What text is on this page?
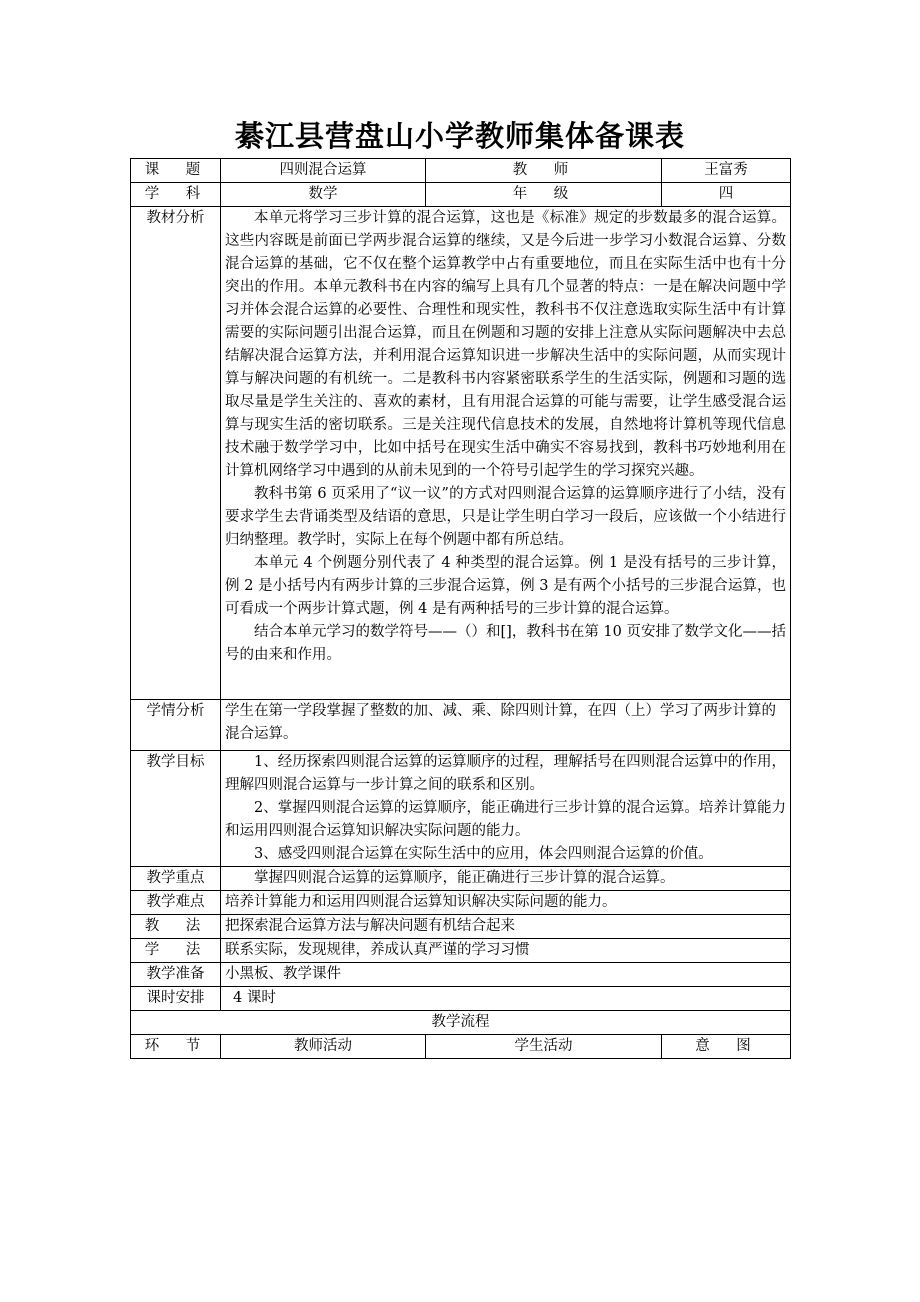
綦江县营盘山小学教师集体备课表
课　题	四则混合运算	教　师	王富秀
学　科	数学	年　级	四
教材分析	本单元将学习三步计算的混合运算，这也是《标准》规定的步数最多的混合运算。这些内容既是前面已学两步混合运算的继续，又是今后进一步学习小数混合运算、分数混合运算的基础，它不仅在整个运算教学中占有重要地位，而且在实际生活中也有十分突出的作用。本单元教科书在内容的编写上具有几个显著的特点：一是在解决问题中学习并体会混合运算的必要性、合理性和现实性，教科书不仅注意选取实际生活中有计算需要的实际问题引出混合运算，而且在例题和习题的安排上注意从实际问题解决中去总结解决混合运算方法，并利用混合运算知识进一步解决生活中的实际问题，从而实现计算与解决问题的有机统一。二是教科书内容紧密联系学生的生活实际，例题和习题的选取尽量是学生关注的、喜欢的素材，且有用混合运算的可能与需要，让学生感受混合运算与现实生活的密切联系。三是关注现代信息技术的发展，自然地将计算机等现代信息技术融于数学学习中，比如中括号在现实生活中确实不容易找到，教科书巧妙地利用在计算机网络学习中遇到的从前未见到的一个符号引起学生的学习探究兴趣。

教科书第 6 页采用了“议一议”的方式对四则混合运算的运算顺序进行了小结，没有要求学生去背诵类型及结语的意思，只是让学生明白学习一段后，应该做一个小结进行归纳整理。教学时，实际上在每个例题中都有所总结。

本单元 4 个例题分别代表了 4 种类型的混合运算。例 1 是没有括号的三步计算，例 2 是小括号内有两步计算的三步混合运算，例 3 是有两个小括号的三步混合运算，也可看成一个两步计算式题，例 4 是有两种括号的三步计算的混合运算。

结合本单元学习的数学符号——（）和[]，教科书在第 10 页安排了数学文化——括号的由来和作用。		

学情分析	学生在第一学段掌握了整数的加、减、乘、除四则计算，在四（上）学习了两步计算的混合运算。		

教学目标	1、经历探索四则混合运算的运算顺序的过程，理解括号在四则混合运算中的作用，理解四则混合运算与一步计算之间的联系和区别。

2、掌握四则混合运算的运算顺序，能正确进行三步计算的混合运算。培养计算能力和运用四则混合运算知识解决实际问题的能力。

3、感受四则混合运算在实际生活中的应用，体会四则混合运算的价值。		

教学重点	掌握四则混合运算的运算顺序，能正确进行三步计算的混合运算。		

教学难点	培养计算能力和运用四则混合运算知识解决实际问题的能力。		
教　法	把探索混合运算方法与解决问题有机结合起来		
学　法	联系实际，发现规律，养成认真严谨的学习习惯		
教学准备	小黑板、教学课件		
课时安排	4 课时		
教学流程			
环　节	教师活动	学生活动	意　图
